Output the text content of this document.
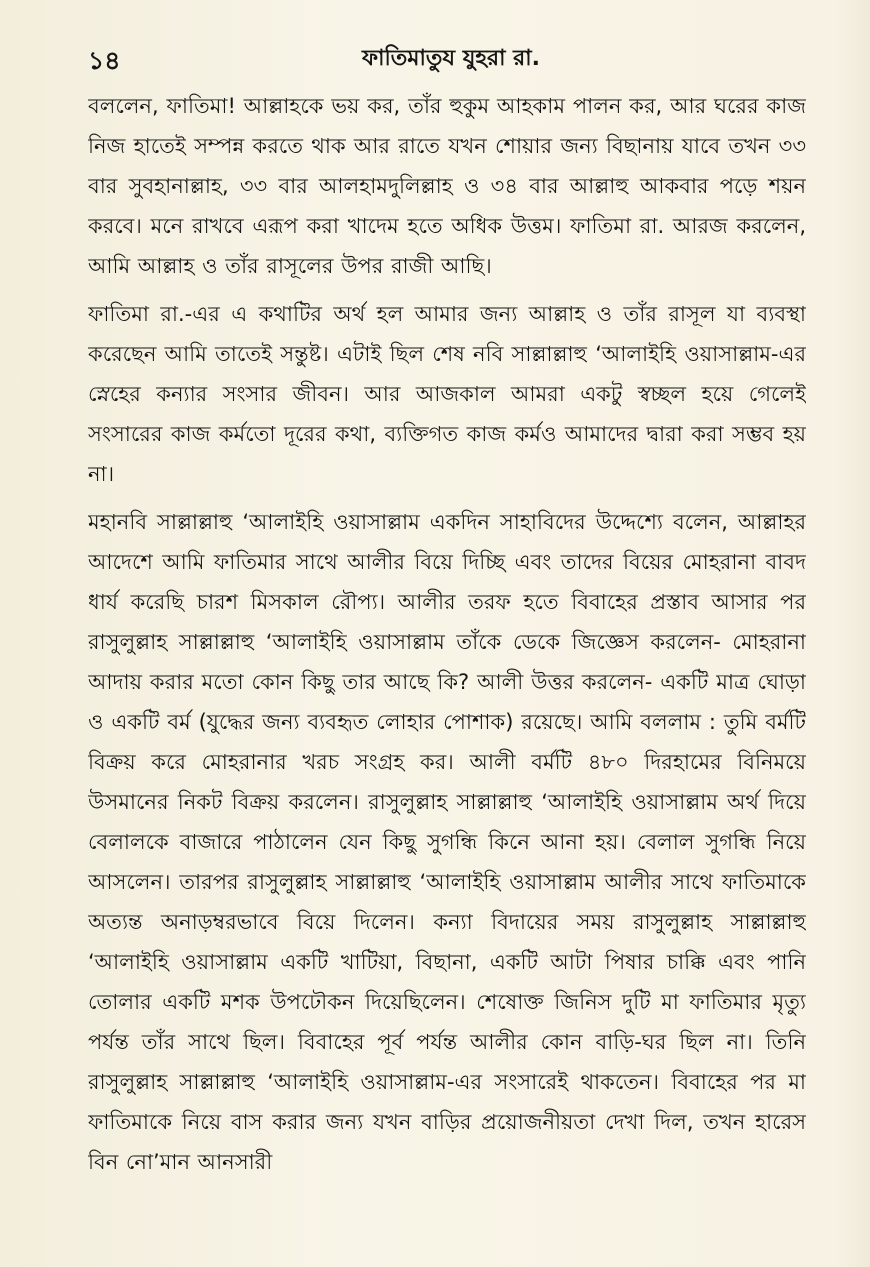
১৪	ফাতিমাতুয যুহরা রা.

বললেন, ফাতিমা! আল্লাহকে ভয় কর, তাঁর হুকুম আহকাম পালন কর, আর ঘরের কাজ নিজ হাতেই সম্পন্ন করতে থাক আর রাতে যখন শোয়ার জন্য বিছানায় যাবে তখন ৩৩ বার সুবহানাল্লাহ, ৩৩ বার আলহামদুলিল্লাহ ও ৩৪ বার আল্লাহু আকবার পড়ে শয়ন করবে। মনে রাখবে এরূপ করা খাদেম হতে অধিক উত্তম। ফাতিমা রা. আরজ করলেন, আমি আল্লাহ ও তাঁর রাসূলের উপর রাজী আছি।

ফাতিমা রা.-এর এ কথাটির অর্থ হল আমার জন্য আল্লাহ ও তাঁর রাসূল যা ব্যবস্থা করেছেন আমি তাতেই সন্তুষ্ট। এটাই ছিল শেষ নবি সাল্লাল্লাহু ‘আলাইহি ওয়াসাল্লাম-এর স্নেহের কন্যার সংসার জীবন। আর আজকাল আমরা একটু স্বচ্ছল হয়ে গেলেই সংসারের কাজ কর্মতো দূরের কথা, ব্যক্তিগত কাজ কর্মও আমাদের দ্বারা করা সম্ভব হয় না।

মহানবি সাল্লাল্লাহু ‘আলাইহি ওয়াসাল্লাম একদিন সাহাবিদের উদ্দেশ্যে বলেন, আল্লাহর আদেশে আমি ফাতিমার সাথে আলীর বিয়ে দিচ্ছি এবং তাদের বিয়ের মোহরানা বাবদ ধার্য করেছি চারশ মিসকাল রৌপ্য। আলীর তরফ হতে বিবাহের প্রস্তাব আসার পর রাসুলুল্লাহ সাল্লাল্লাহু ‘আলাইহি ওয়াসাল্লাম তাঁকে ডেকে জিজ্ঞেস করলেন- মোহরানা আদায় করার মতো কোন কিছু তার আছে কি? আলী উত্তর করলেন- একটি মাত্র ঘোড়া ও একটি বর্ম (যুদ্ধের জন্য ব্যবহৃত লোহার পোশাক) রয়েছে। আমি বললাম : তুমি বর্মটি বিক্রয় করে মোহরানার খরচ সংগ্রহ কর। আলী বর্মটি ৪৮০ দিরহামের বিনিময়ে উসমানের নিকট বিক্রয় করলেন। রাসুলুল্লাহ সাল্লাল্লাহু ‘আলাইহি ওয়াসাল্লাম অর্থ দিয়ে বেলালকে বাজারে পাঠালেন যেন কিছু সুগন্ধি কিনে আনা হয়। বেলাল সুগন্ধি নিয়ে আসলেন। তারপর রাসুলুল্লাহ সাল্লাল্লাহু ‘আলাইহি ওয়াসাল্লাম আলীর সাথে ফাতিমাকে অত্যন্ত অনাড়ম্বরভাবে বিয়ে দিলেন। কন্যা বিদায়ের সময় রাসুলুল্লাহ সাল্লাল্লাহু ‘আলাইহি ওয়াসাল্লাম একটি খাটিয়া, বিছানা, একটি আটা পিষার চাক্কি এবং পানি তোলার একটি মশক উপঢৌকন দিয়েছিলেন। শেষোক্ত জিনিস দুটি মা ফাতিমার মৃত্যু পর্যন্ত তাঁর সাথে ছিল। বিবাহের পূর্ব পর্যন্ত আলীর কোন বাড়ি-ঘর ছিল না। তিনি রাসুলুল্লাহ সাল্লাল্লাহু ‘আলাইহি ওয়াসাল্লাম-এর সংসারেই থাকতেন। বিবাহের পর মা ফাতিমাকে নিয়ে বাস করার জন্য যখন বাড়ির প্রয়োজনীয়তা দেখা দিল, তখন হারেস বিন নো’মান আনসারী
